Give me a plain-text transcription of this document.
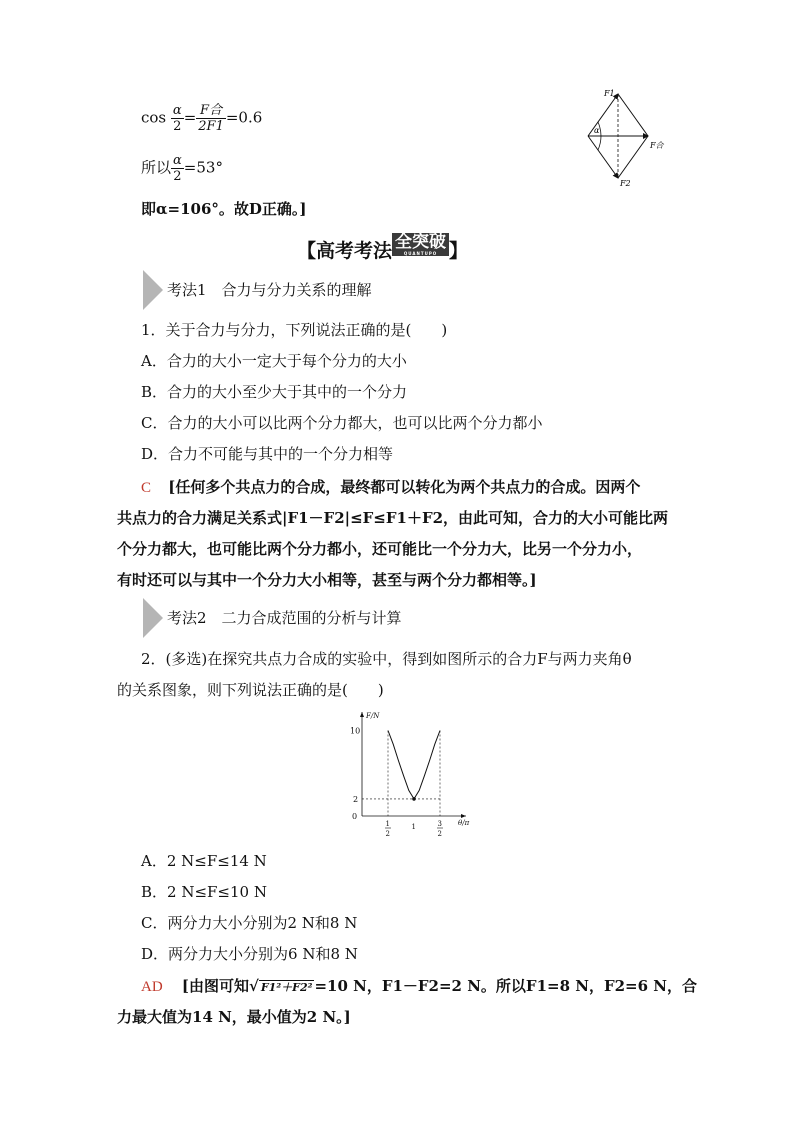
$\cos \frac{\alpha}{2} = \frac{\text{F合}}{2F1} =0.6$
所以 $\frac{\alpha}{2} =53^\circ$
即α=106°。故D正确。]
F1
α
F合
F2
【高考考法 全突破
QUANTUPO 】
考法1　合力与分力关系的理解
1．关于合力与分力，下列说法正确的是(　　)
A．合力的大小一定大于每个分力的大小
B．合力的大小至少大于其中的一个分力
C．合力的大小可以比两个分力都大，也可以比两个分力都小
D．合力不可能与其中的一个分力相等
C [任何多个共点力的合成，最终都可以转化为两个共点力的合成。因两个
共点力的合力满足关系式|F1－F2|≤F≤F1＋F2，由此可知，合力的大小可能比两
个分力都大，也可能比两个分力都小，还可能比一个分力大，比另一个分力小，
有时还可以与其中一个分力大小相等，甚至与两个分力都相等。]
考法2　二力合成范围的分析与计算
2．(多选)在探究共点力合成的实验中，得到如图所示的合力F与两力夹角θ
的关系图象，则下列说法正确的是(　　)
F/N
θ/π
0
10
2
1
2
1	3
2
A．2 N≤F≤14 N
B．2 N≤F≤10 N
C．两分力大小分别为2 N和8 N
D．两分力大小分别为6 N和8 N
AD [由图可知√ F1²＋F2² =10 N，F1－F2=2 N。所以F1=8 N，F2=6 N，合
力最大值为14 N，最小值为2 N。]
